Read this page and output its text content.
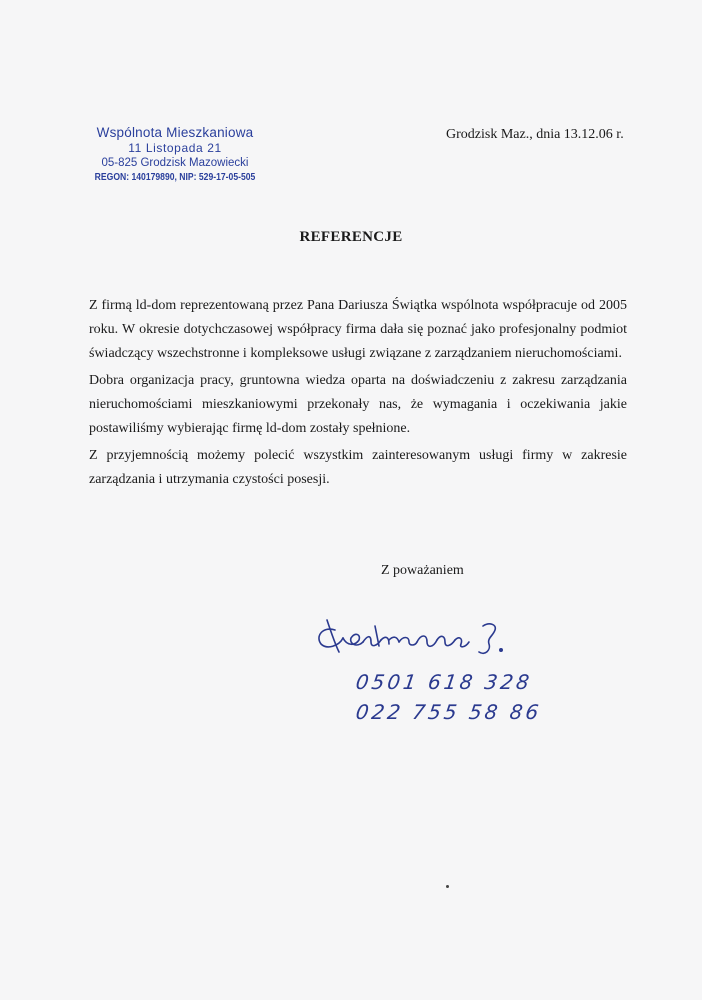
Wspólnota Mieszkaniowa
11 Listopada 21
05-825 Grodzisk Mazowiecki
REGON: 140179890, NIP: 529-17-05-505
Grodzisk Maz., dnia 13.12.06 r.
REFERENCJE

Z firmą ld-dom reprezentowaną przez Pana Dariusza Świątka wspólnota współpracuje od 2005 roku. W okresie dotychczasowej współpracy firma dała się poznać jako profesjonalny podmiot świadczący wszechstronne i kompleksowe usługi związane z zarządzaniem nieruchomościami.

Dobra organizacja pracy, gruntowna wiedza oparta na doświadczeniu z zakresu zarządzania nieruchomościami mieszkaniowymi przekonały nas, że wymagania i oczekiwania jakie postawiliśmy wybierając firmę ld-dom zostały spełnione.

Z przyjemnością możemy polecić wszystkim zainteresowanym usługi firmy w zakresie zarządzania i utrzymania czystości posesji.

Z poważaniem
0501 618 328
022 755 58 86
